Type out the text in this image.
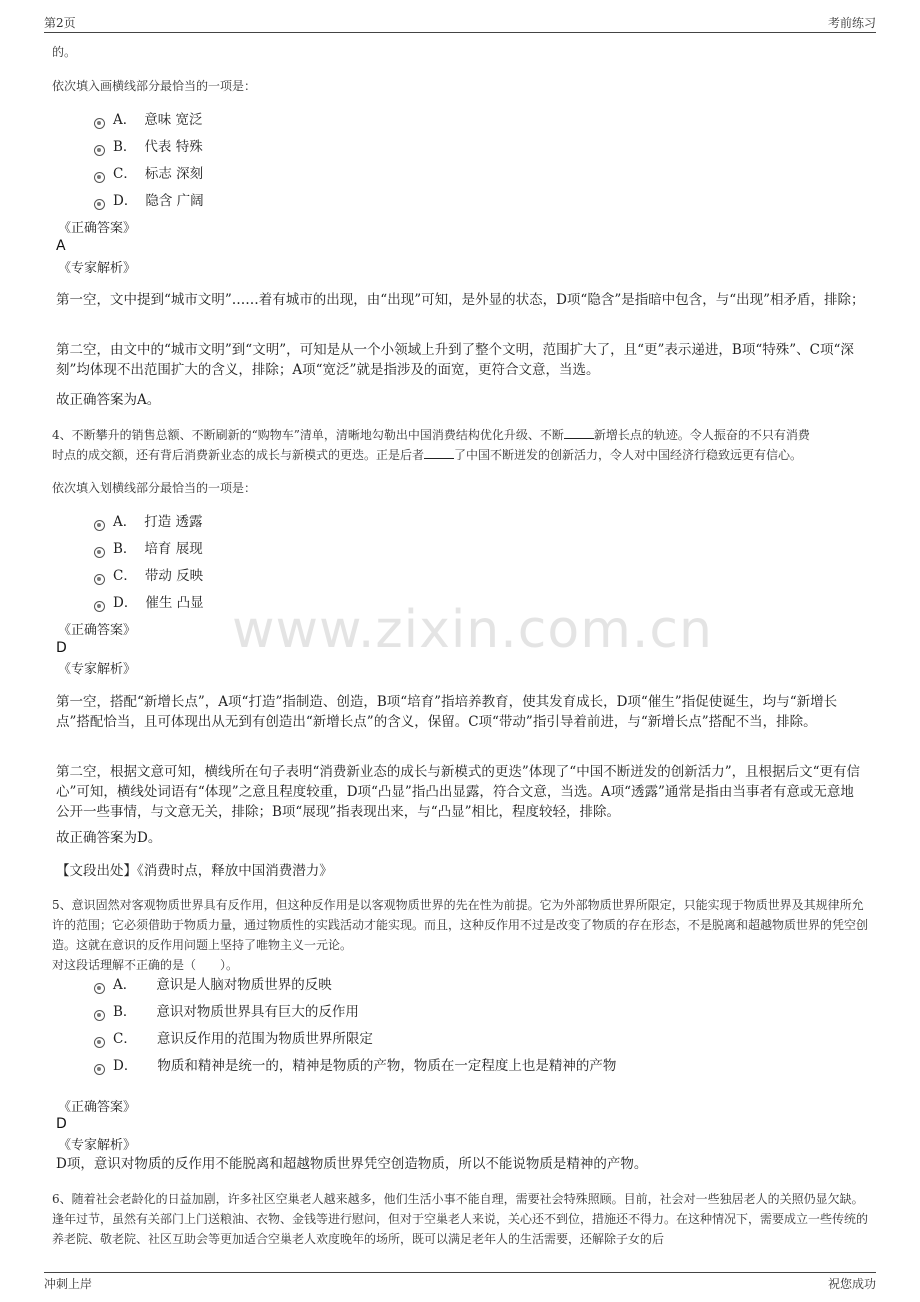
第2页	考前练习
www.zixin.com.cn
的。
依次填入画横线部分最恰当的一项是：
A． 意味 宽泛
B． 代表 特殊
C． 标志 深刻
D． 隐含 广阔
《正确答案》
A
《专家解析》
第一空，文中提到“城市文明”……着有城市的出现，由“出现”可知，是外显的状态，D项“隐含”是指暗中包含，与“出现”相矛盾，排除；
第二空，由文中的“城市文明”到“文明”，可知是从一个小领域上升到了整个文明，范围扩大了，且“更”表示递进，B项“特殊”、C项“深刻”均体现不出范围扩大的含义，排除；A项“宽泛”就是指涉及的面宽，更符合文意，当选。
故正确答案为A。
4、不断攀升的销售总额、不断刷新的“购物车”清单，清晰地勾勒出中国消费结构优化升级、不断	新增长点的轨迹。令人振奋的不只有消费
时点的成交额，还有背后消费新业态的成长与新模式的更迭。正是后者	了中国不断迸发的创新活力，令人对中国经济行稳致远更有信心。
依次填入划横线部分最恰当的一项是：
A． 打造 透露
B． 培育 展现
C． 带动 反映
D． 催生 凸显
《正确答案》
D
《专家解析》
第一空，搭配“新增长点”，A项“打造”指制造、创造，B项“培育”指培养教育，使其发育成长，D项“催生”指促使诞生，均与“新增长点”搭配恰当，且可体现出从无到有创造出“新增长点”的含义，保留。C项“带动”指引导着前进，与“新增长点”搭配不当，排除。
第二空，根据文意可知，横线所在句子表明“消费新业态的成长与新模式的更迭”体现了“中国不断迸发的创新活力”，且根据后文“更有信心”可知，横线处词语有“体现”之意且程度较重，D项“凸显”指凸出显露，符合文意，当选。A项“透露”通常是指由当事者有意或无意地公开一些事情，与文意无关，排除；B项“展现”指表现出来，与“凸显”相比，程度较轻，排除。
故正确答案为D。
【文段出处】《消费时点，释放中国消费潜力》
5、意识固然对客观物质世界具有反作用，但这种反作用是以客观物质世界的先在性为前提。它为外部物质世界所限定，只能实现于物质世界及其规律所允许的范围；它必须借助于物质力量，通过物质性的实践活动才能实现。而且，这种反作用不过是改变了物质的存在形态，不是脱离和超越物质世界的凭空创造。这就在意识的反作用问题上坚持了唯物主义一元论。
对这段话理解不正确的是（　　）。
A． 意识是人脑对物质世界的反映
B． 意识对物质世界具有巨大的反作用
C． 意识反作用的范围为物质世界所限定
D． 物质和精神是统一的，精神是物质的产物，物质在一定程度上也是精神的产物
《正确答案》
D
《专家解析》
D项，意识对物质的反作用不能脱离和超越物质世界凭空创造物质，所以不能说物质是精神的产物。
6、随着社会老龄化的日益加剧，许多社区空巢老人越来越多，他们生活小事不能自理，需要社会特殊照顾。目前，社会对一些独居老人的关照仍显欠缺。逢年过节，虽然有关部门上门送粮油、衣物、金钱等进行慰问，但对于空巢老人来说，关心还不到位，措施还不得力。在这种情况下，需要成立一些传统的养老院、敬老院、社区互助会等更加适合空巢老人欢度晚年的场所，既可以满足老年人的生活需要，还解除子女的后
冲刺上岸	祝您成功
